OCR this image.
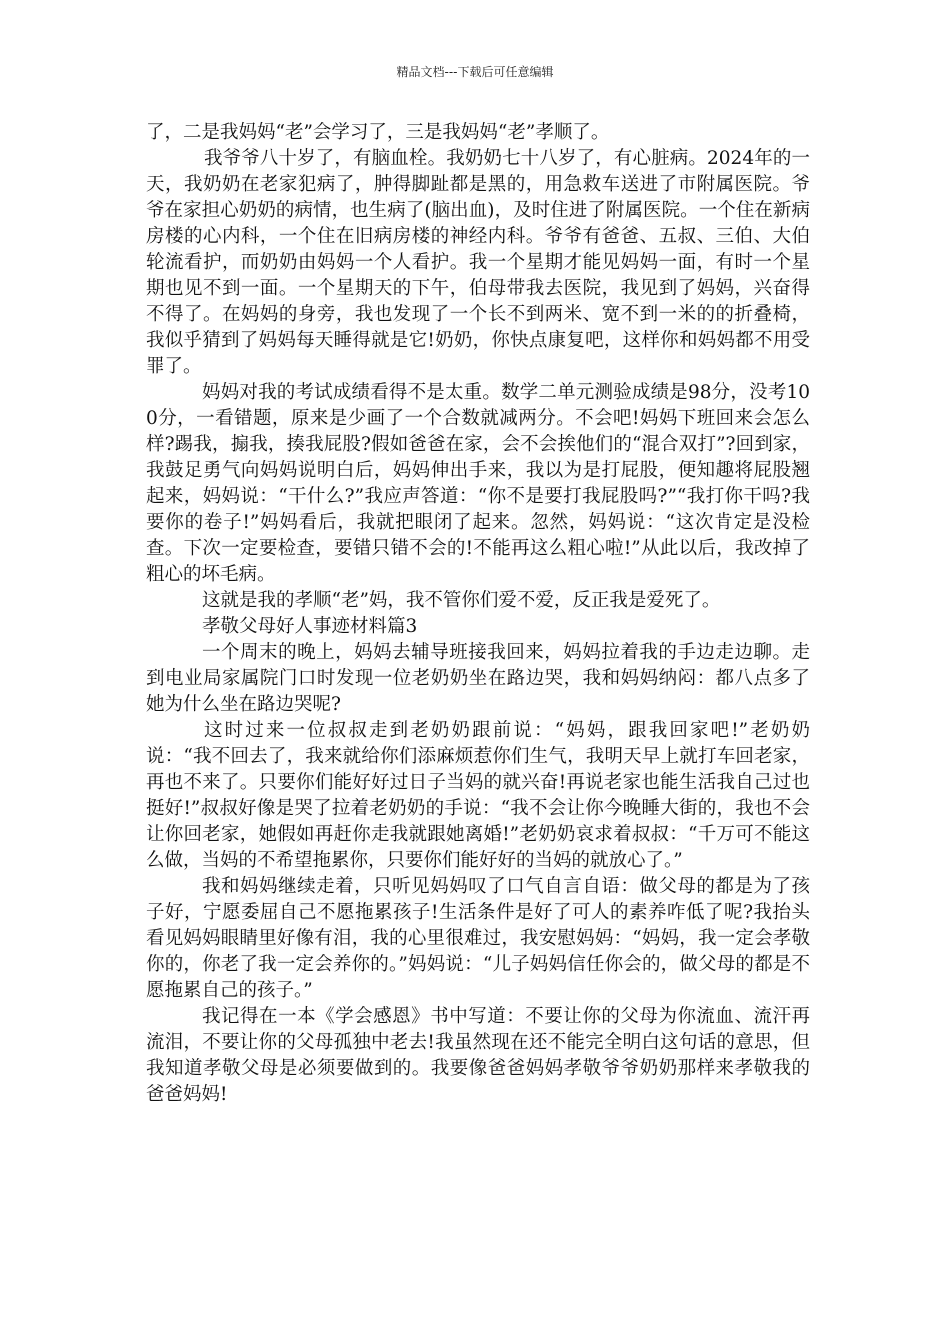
精品文档---下载后可任意编辑

了，二是我妈妈“老”会学习了，三是我妈妈“老”孝顺了。

我爷爷八十岁了，有脑血栓。我奶奶七十八岁了，有心脏病。2024年的一天，我奶奶在老家犯病了，肿得脚趾都是黑的，用急救车送进了市附属医院。爷爷在家担心奶奶的病情，也生病了(脑出血)，及时住进了附属医院。一个住在新病房楼的心内科，一个住在旧病房楼的神经内科。爷爷有爸爸、五叔、三伯、大伯轮流看护，而奶奶由妈妈一个人看护。我一个星期才能见妈妈一面，有时一个星期也见不到一面。一个星期天的下午，伯母带我去医院，我见到了妈妈，兴奋得不得了。在妈妈的身旁，我也发现了一个长不到两米、宽不到一米的的折叠椅，我似乎猜到了妈妈每天睡得就是它!奶奶，你快点康复吧，这样你和妈妈都不用受罪了。

妈妈对我的考试成绩看得不是太重。数学二单元测验成绩是98分，没考100分，一看错题，原来是少画了一个合数就减两分。不会吧!妈妈下班回来会怎么样?踢我，搧我，揍我屁股?假如爸爸在家，会不会挨他们的“混合双打”?回到家，我鼓足勇气向妈妈说明白后，妈妈伸出手来，我以为是打屁股，便知趣将屁股翘起来，妈妈说：“干什么?”我应声答道：“你不是要打我屁股吗?”“我打你干吗?我要你的卷子!”妈妈看后，我就把眼闭了起来。忽然，妈妈说：“这次肯定是没检查。下次一定要检查，要错只错不会的!不能再这么粗心啦!”从此以后，我改掉了粗心的坏毛病。

这就是我的孝顺“老”妈，我不管你们爱不爱，反正我是爱死了。

孝敬父母好人事迹材料篇3

一个周末的晚上，妈妈去辅导班接我回来，妈妈拉着我的手边走边聊。走到电业局家属院门口时发现一位老奶奶坐在路边哭，我和妈妈纳闷：都八点多了她为什么坐在路边哭呢?

这时过来一位叔叔走到老奶奶跟前说：“妈妈，跟我回家吧!”老奶奶说：“我不回去了，我来就给你们添麻烦惹你们生气，我明天早上就打车回老家，再也不来了。只要你们能好好过日子当妈的就兴奋!再说老家也能生活我自己过也挺好!”叔叔好像是哭了拉着老奶奶的手说：“我不会让你今晚睡大街的，我也不会让你回老家，她假如再赶你走我就跟她离婚!”老奶奶哀求着叔叔：“千万可不能这么做，当妈的不希望拖累你，只要你们能好好的当妈的就放心了。”

我和妈妈继续走着，只听见妈妈叹了口气自言自语：做父母的都是为了孩子好，宁愿委屈自己不愿拖累孩子!生活条件是好了可人的素养咋低了呢?我抬头看见妈妈眼睛里好像有泪，我的心里很难过，我安慰妈妈：“妈妈，我一定会孝敬你的，你老了我一定会养你的。”妈妈说：“儿子妈妈信任你会的，做父母的都是不愿拖累自己的孩子。”

我记得在一本《学会感恩》书中写道：不要让你的父母为你流血、流汗再流泪，不要让你的父母孤独中老去!我虽然现在还不能完全明白这句话的意思，但我知道孝敬父母是必须要做到的。我要像爸爸妈妈孝敬爷爷奶奶那样来孝敬我的爸爸妈妈!
